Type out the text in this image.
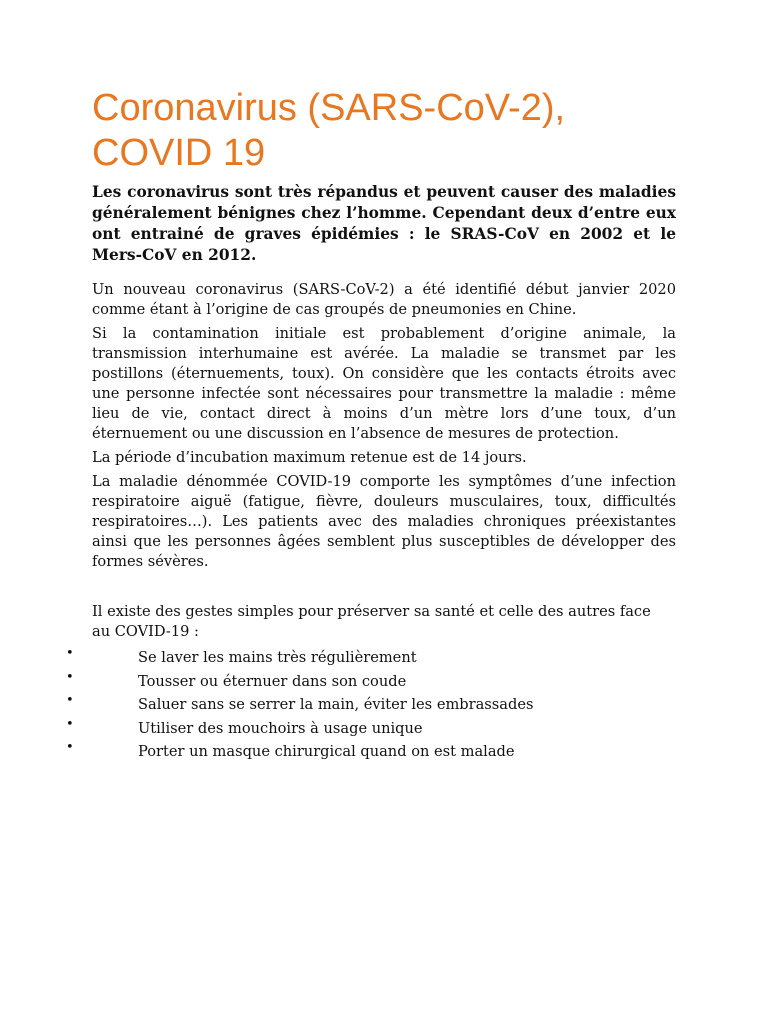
Coronavirus (SARS-CoV-2),
COVID 19

Les coronavirus sont très répandus et peuvent causer des maladies généralement bénignes chez l’homme. Cependant deux d’entre eux ont entrainé de graves épidémies : le SRAS-CoV en 2002 et le Mers-CoV en 2012.

Un nouveau coronavirus (SARS-CoV-2) a été identifié début janvier 2020 comme étant à l’origine de cas groupés de pneumonies en Chine.

Si la contamination initiale est probablement d’origine animale, la transmission interhumaine est avérée. La maladie se transmet par les postillons (éternuements, toux). On considère que les contacts étroits avec une personne infectée sont nécessaires pour transmettre la maladie : même lieu de vie, contact direct à moins d’un mètre lors d’une toux, d’un éternuement ou une discussion en l’absence de mesures de protection.

La période d’incubation maximum retenue est de 14 jours.

La maladie dénommée COVID-19 comporte les symptômes d’une infection respiratoire aiguë (fatigue, fièvre, douleurs musculaires, toux, difficultés respiratoires…). Les patients avec des maladies chroniques préexistantes ainsi que les personnes âgées semblent plus susceptibles de développer des formes sévères.

Il existe des gestes simples pour préserver sa santé et celle des autres face au COVID-19 :

•	Se laver les mains très régulièrement
•	Tousser ou éternuer dans son coude
•	Saluer sans se serrer la main, éviter les embrassades
•	Utiliser des mouchoirs à usage unique
•	Porter un masque chirurgical quand on est malade
